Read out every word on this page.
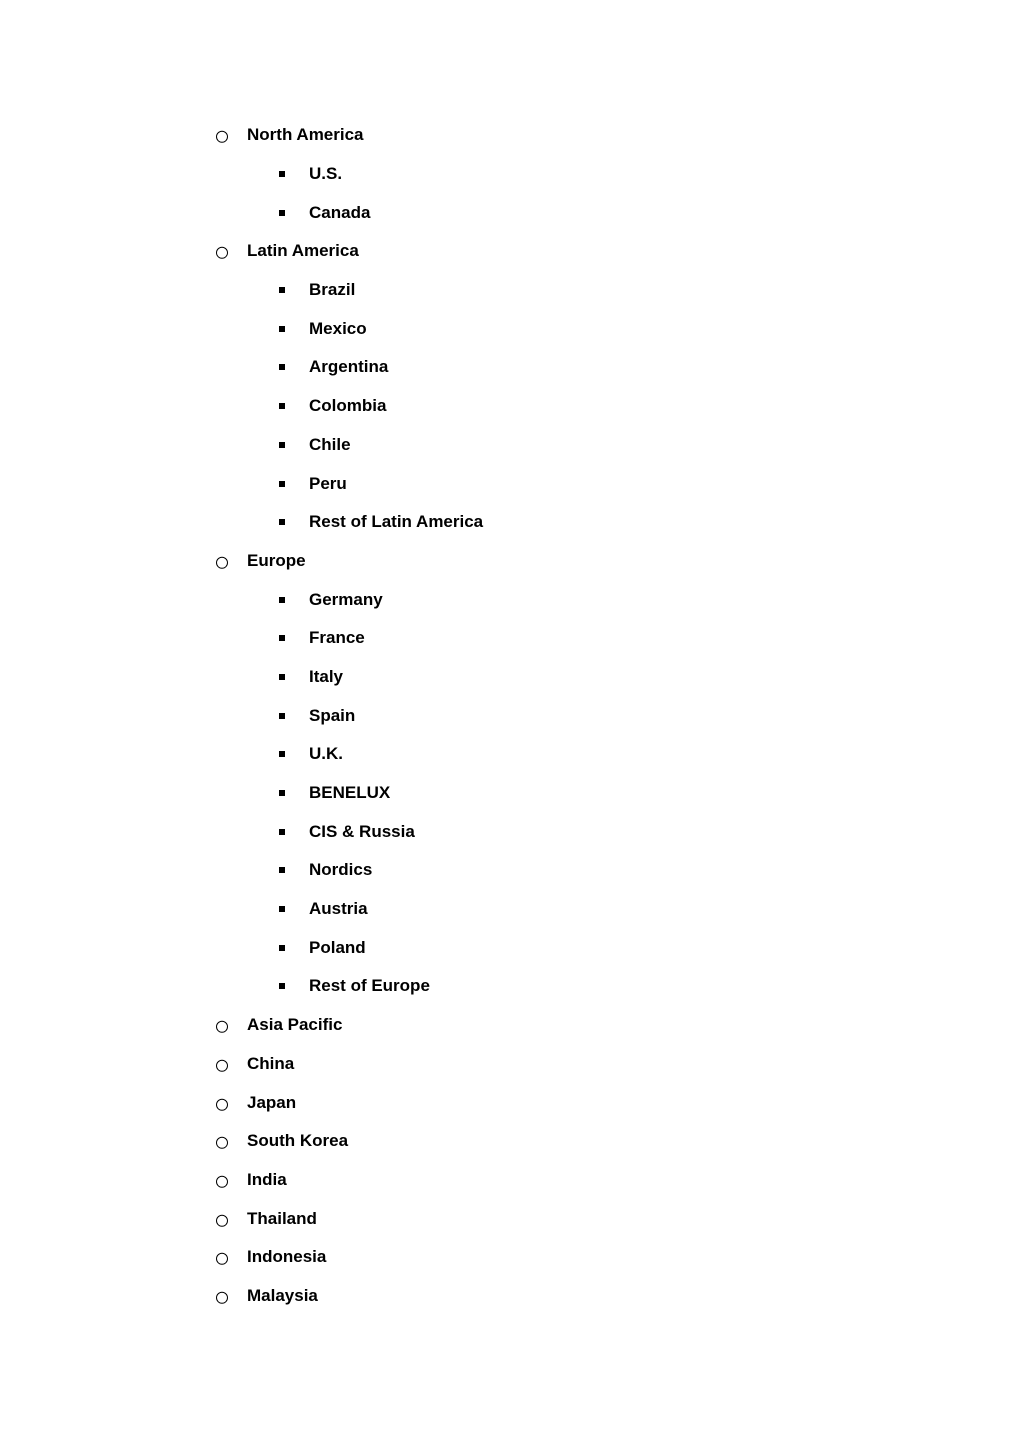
North America
U.S.
Canada
Latin America
Brazil
Mexico
Argentina
Colombia
Chile
Peru
Rest of Latin America
Europe
Germany
France
Italy
Spain
U.K.
BENELUX
CIS & Russia
Nordics
Austria
Poland
Rest of Europe
Asia Pacific
China
Japan
South Korea
India
Thailand
Indonesia
Malaysia
